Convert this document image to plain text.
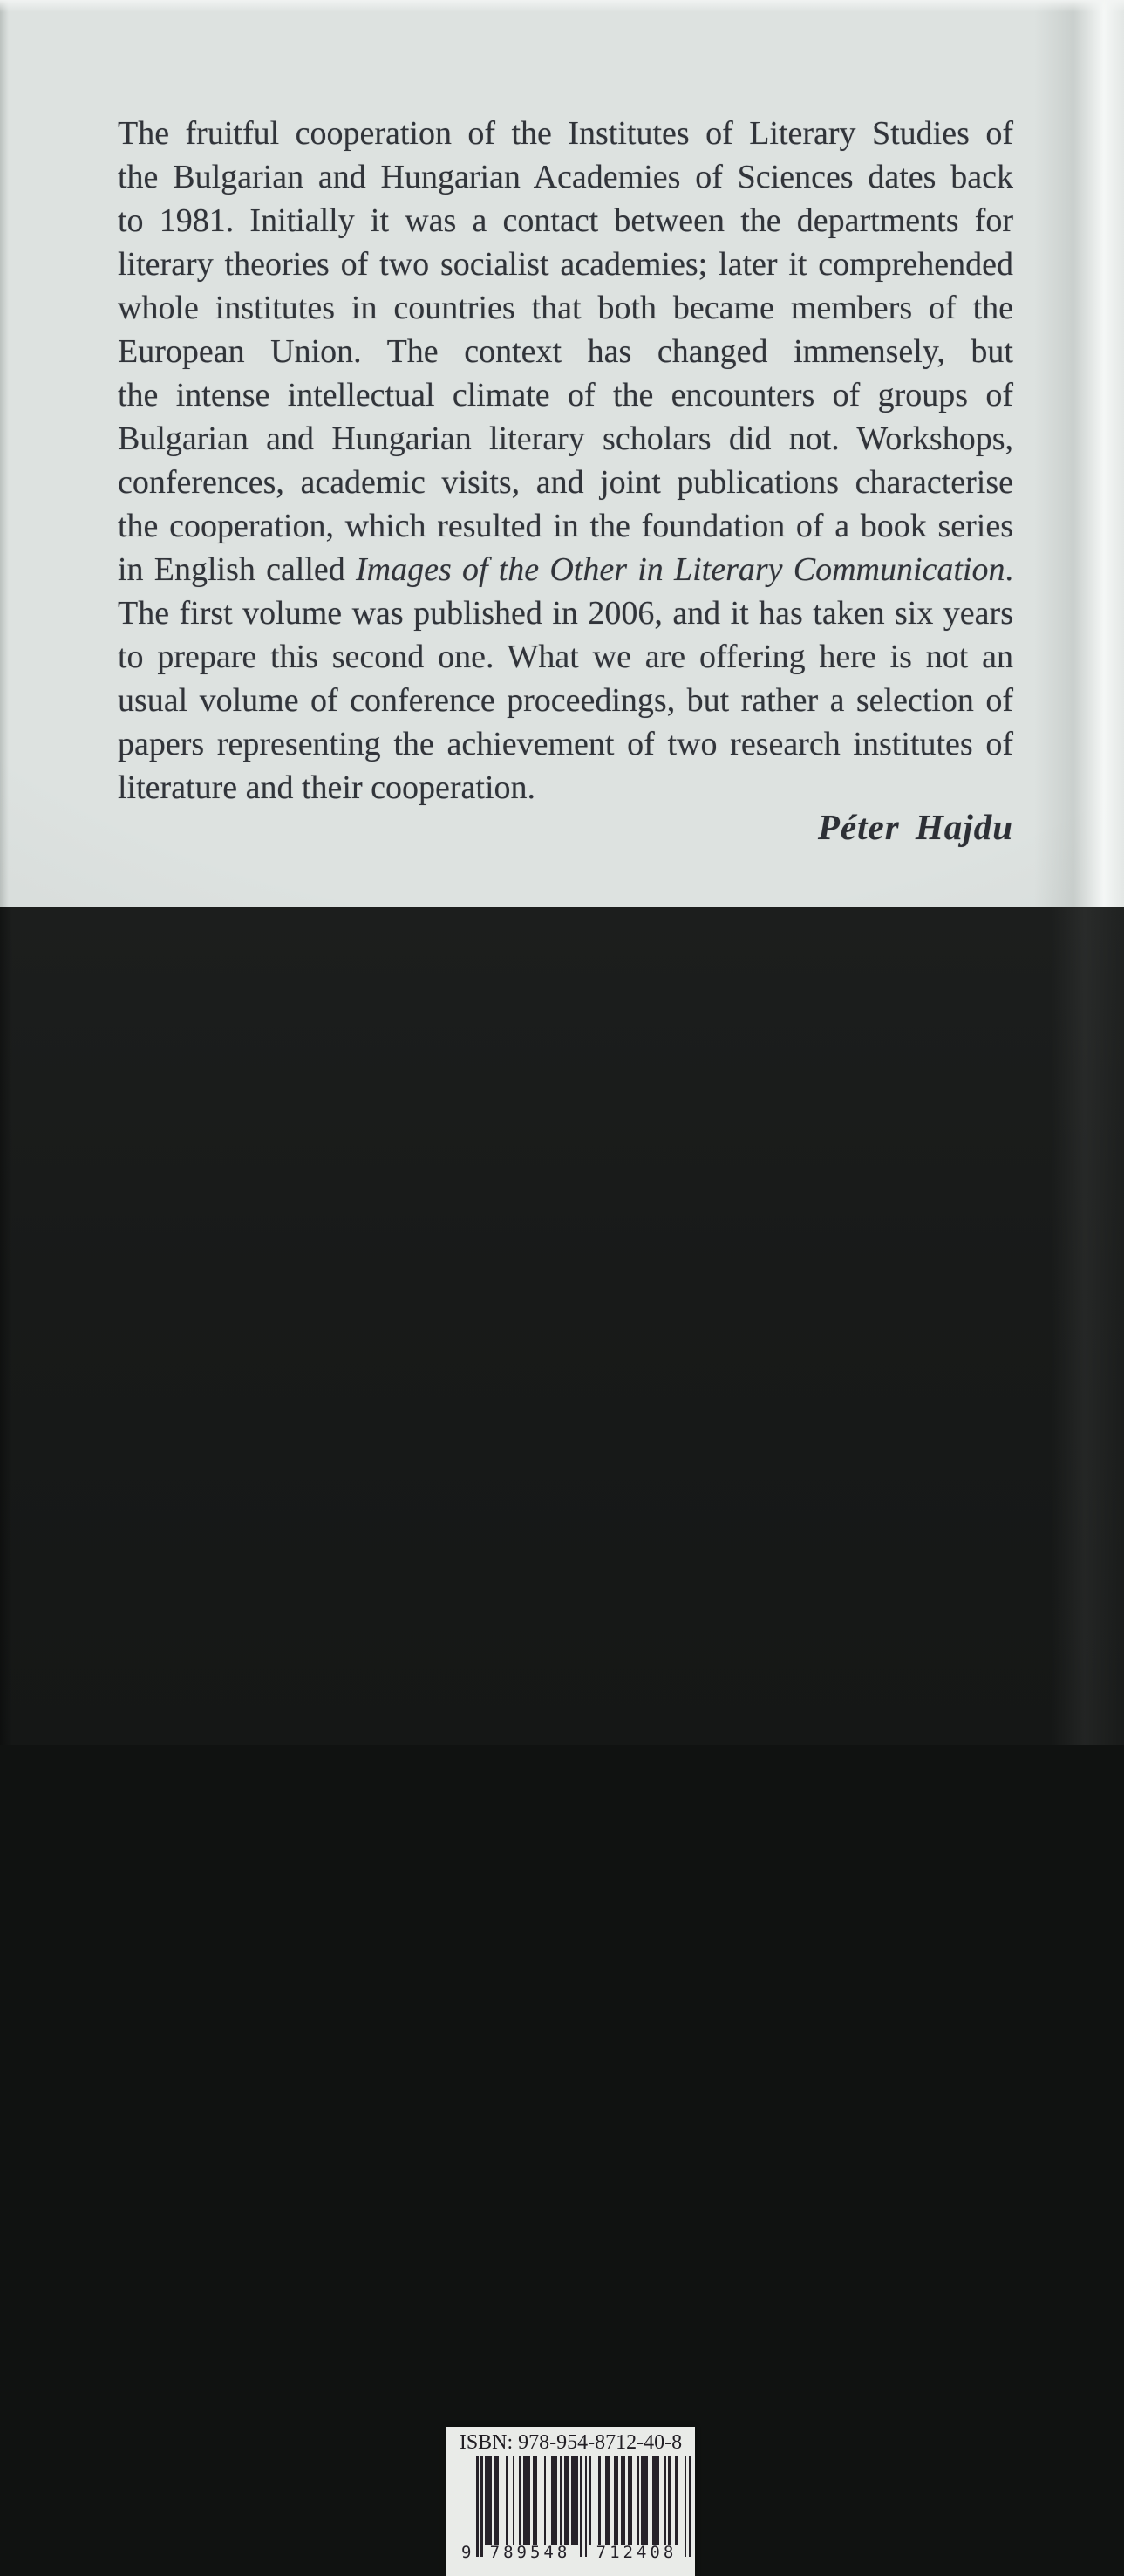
The fruitful cooperation of the Institutes of Literary Studies of
the Bulgarian and Hungarian Academies of Sciences dates back
to 1981. Initially it was a contact between the departments for
literary theories of two socialist academies; later it comprehended
whole institutes in countries that both became members of the
European Union. The context has changed immensely, but
the intense intellectual climate of the encounters of groups of
Bulgarian and Hungarian literary scholars did not. Workshops,
conferences, academic visits, and joint publications characterise
the cooperation, which resulted in the foundation of a book series
in English called Images of the Other in Literary Communication.
The first volume was published in 2006, and it has taken six years
to prepare this second one. What we are offering here is not an
usual volume of conference proceedings, but rather a selection of
papers representing the achievement of two research institutes of
literature and their cooperation.
Péter Hajdu
ISBN: 978-954-8712-40-8
9	789548	712408
